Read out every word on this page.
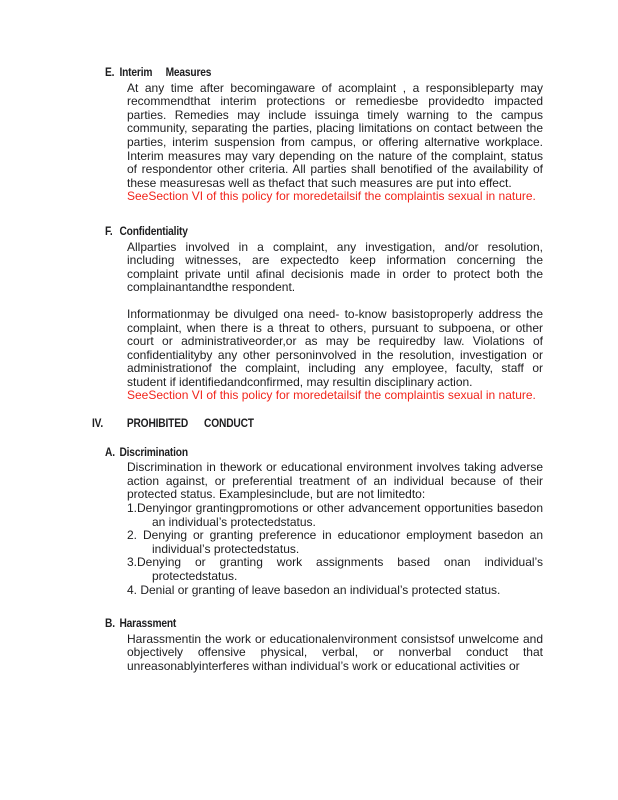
E. Interim     Measures

At any time after becomingaware of acomplaint , a responsibleparty may recommendthat interim protections or remediesbe providedto impacted parties. Remedies may include issuinga timely warning to the campus community, separating the parties, placing limitations on contact between the parties, interim suspension from campus, or offering alternative workplace. Interim measures may vary depending on the nature of the complaint, status of respondentor other criteria. All parties shall benotified of the availability of these measuresas well as thefact that such measures are put into effect.

SeeSection VI of this policy for moredetailsif the complaintis sexual in nature.

F. Confidentiality

Allparties involved in a complaint, any investigation, and/or resolution, including witnesses, are expectedto keep information concerning the complaint private until afinal decisionis made in order to protect both the complainantandthe respondent.

Informationmay be divulged ona need- to-know basistoproperly address the complaint, when there is a threat to others, pursuant to subpoena, or other court or administrativeorder,or as may be requiredby law. Violations of confidentialityby any other personinvolved in the resolution, investigation or administrationof the complaint, including any employee, faculty, staff or student if identifiedandconfirmed, may resultin disciplinary action.

SeeSection VI of this policy for moredetailsif the complaintis sexual in nature.

IV.	PROHIBITED      CONDUCT
A. Discrimination

Discrimination in thework or educational environment involves taking adverse action against, or preferential treatment of an individual because of their protected status. Examplesinclude, but are not limitedto:

1.Denyingor grantingpromotions or other advancement opportunities basedon an individual’s protectedstatus.
2. Denying or granting preference in educationor employment basedon an individual’s protectedstatus.
3.Denying or granting work assignments based onan individual’s protectedstatus.
4. Denial or granting of leave basedon an individual’s protected status.
B. Harassment

Harassmentin the work or educationalenvironment consistsof unwelcome and objectively offensive physical, verbal, or nonverbal conduct that unreasonablyinterferes withan individual’s work or educational activities or
